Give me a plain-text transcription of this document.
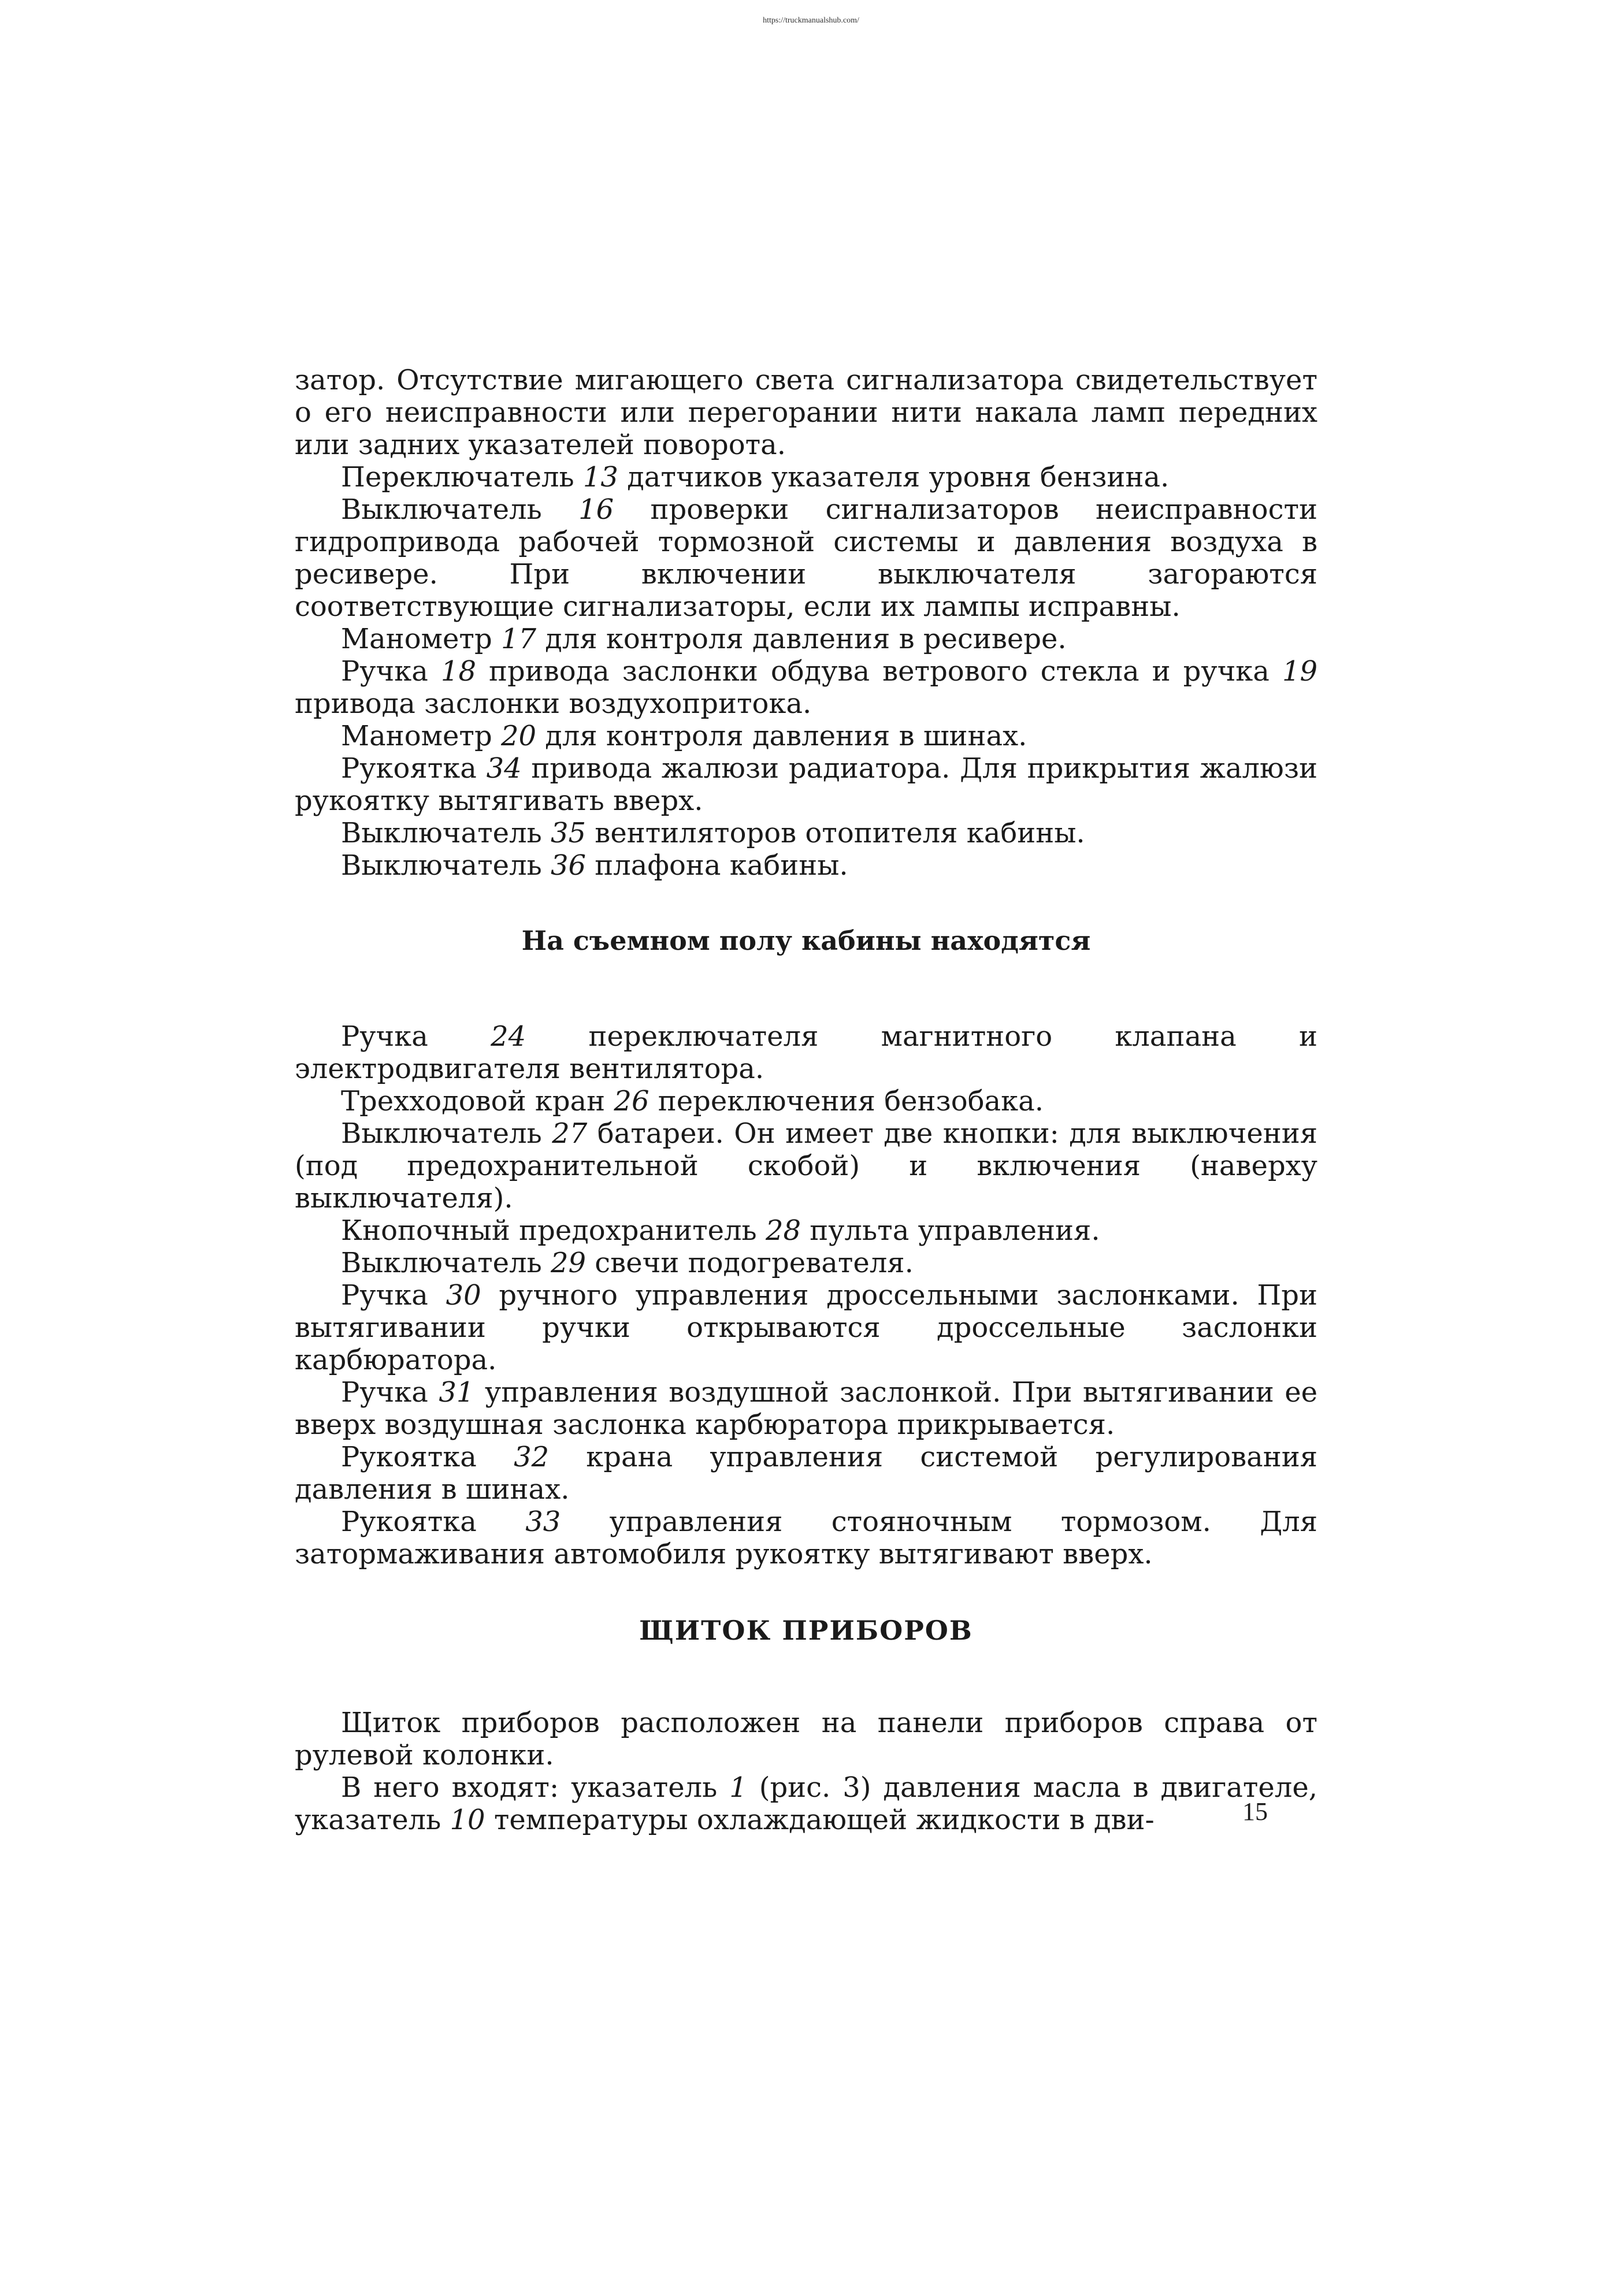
https://truckmanualshub.com/

затор. Отсутствие мигающего света сигнализатора свидетельствует о его неисправности или перегорании нити накала ламп передних или задних указателей поворота.

Переключатель 13 датчиков указателя уровня бензина.

Выключатель 16 проверки сигнализаторов неисправности гидропривода рабочей тормозной системы и давления воздуха в ресивере. При включении выключателя загораются соответствующие сигнализаторы, если их лампы исправны.

Манометр 17 для контроля давления в ресивере.

Ручка 18 привода заслонки обдува ветрового стекла и ручка 19 привода заслонки воздухопритока.

Манометр 20 для контроля давления в шинах.

Рукоятка 34 привода жалюзи радиатора. Для прикрытия жалюзи рукоятку вытягивать вверх.

Выключатель 35 вентиляторов отопителя кабины.

Выключатель 36 плафона кабины.

На съемном полу кабины находятся

Ручка 24 переключателя магнитного клапана и электродвигателя вентилятора.

Трехходовой кран 26 переключения бензобака.

Выключатель 27 батареи. Он имеет две кнопки: для выключения (под предохранительной скобой) и включения (наверху выключателя).

Кнопочный предохранитель 28 пульта управления.

Выключатель 29 свечи подогревателя.

Ручка 30 ручного управления дроссельными заслонками. При вытягивании ручки открываются дроссельные заслонки карбюратора.

Ручка 31 управления воздушной заслонкой. При вытягивании ее вверх воздушная заслонка карбюратора прикрывается.

Рукоятка 32 крана управления системой регулирования давления в шинах.

Рукоятка 33 управления стояночным тормозом. Для затормаживания автомобиля рукоятку вытягивают вверх.

ЩИТОК ПРИБОРОВ

Щиток приборов расположен на панели приборов справа от рулевой колонки.

В него входят: указатель 1 (рис. 3) давления масла в двигателе, указатель 10 температуры охлаждающей жидкости в дви-	15
